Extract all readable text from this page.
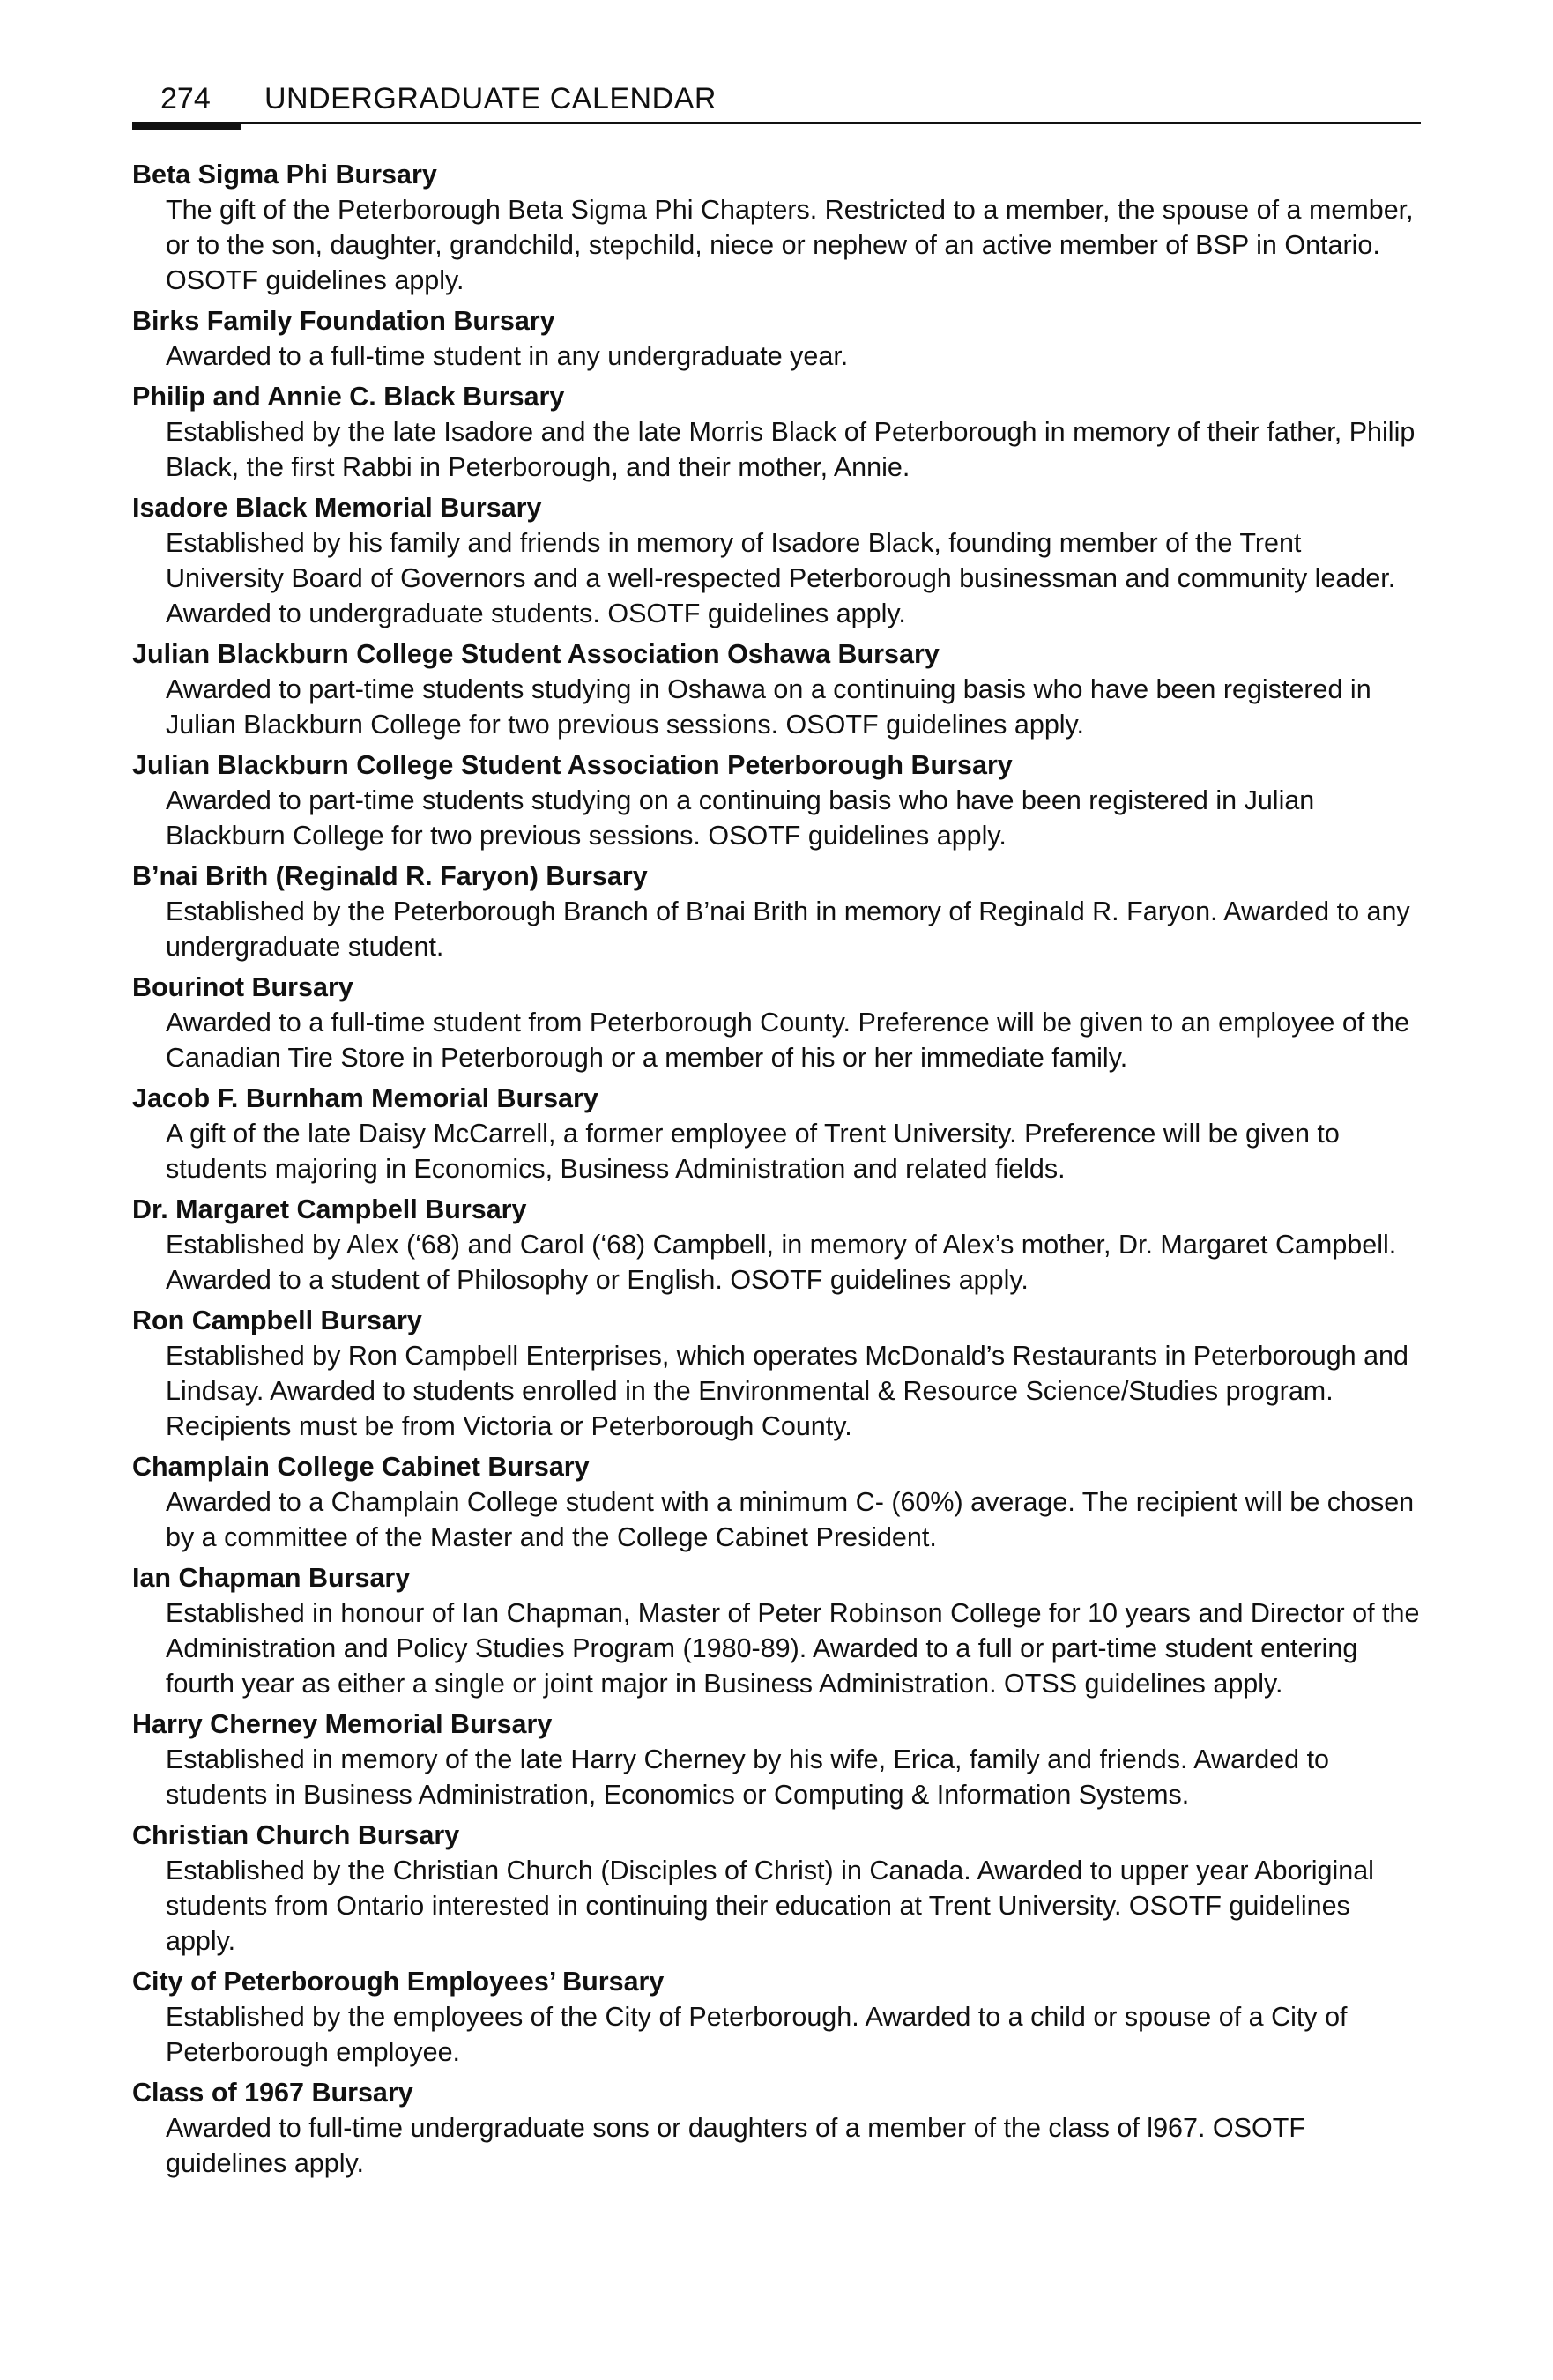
274 UNDERGRADUATE CALENDAR
Beta Sigma Phi Bursary
The gift of the Peterborough Beta Sigma Phi Chapters. Restricted to a member, the spouse of a member, or to the son, daughter, grandchild, stepchild, niece or nephew of an active member of BSP in Ontario. OSOTF guidelines apply.
Birks Family Foundation Bursary
Awarded to a full-time student in any undergraduate year.
Philip and Annie C. Black Bursary
Established by the late Isadore and the late Morris Black of Peterborough in memory of their father, Philip Black, the first Rabbi in Peterborough, and their mother, Annie.
Isadore Black Memorial Bursary
Established by his family and friends in memory of Isadore Black, founding member of the Trent University Board of Governors and a well-respected Peterborough businessman and community leader. Awarded to undergraduate students. OSOTF guidelines apply.
Julian Blackburn College Student Association Oshawa Bursary
Awarded to part-time students studying in Oshawa on a continuing basis who have been registered in Julian Blackburn College for two previous sessions. OSOTF guidelines apply.
Julian Blackburn College Student Association Peterborough Bursary
Awarded to part-time students studying on a continuing basis who have been registered in Julian Blackburn College for two previous sessions. OSOTF guidelines apply.
B’nai Brith (Reginald R. Faryon) Bursary
Established by the Peterborough Branch of B’nai Brith in memory of Reginald R. Faryon. Awarded to any undergraduate student.
Bourinot Bursary
Awarded to a full-time student from Peterborough County. Preference will be given to an employee of the Canadian Tire Store in Peterborough or a member of his or her immediate family.
Jacob F. Burnham Memorial Bursary
A gift of the late Daisy McCarrell, a former employee of Trent University. Preference will be given to students majoring in Economics, Business Administration and related fields.
Dr. Margaret Campbell Bursary
Established by Alex (‘68) and Carol (‘68) Campbell, in memory of Alex’s mother, Dr. Margaret Campbell. Awarded to a student of Philosophy or English. OSOTF guidelines apply.
Ron Campbell Bursary
Established by Ron Campbell Enterprises, which operates McDonald’s Restaurants in Peterborough and Lindsay. Awarded to students enrolled in the Environmental & Resource Science/Studies program. Recipients must be from Victoria or Peterborough County.
Champlain College Cabinet Bursary
Awarded to a Champlain College student with a minimum C- (60%) average. The recipient will be chosen by a committee of the Master and the College Cabinet President.
Ian Chapman Bursary
Established in honour of Ian Chapman, Master of Peter Robinson College for 10 years and Director of the Administration and Policy Studies Program (1980-89). Awarded to a full or part-time student entering fourth year as either a single or joint major in Business Administration. OTSS guidelines apply.
Harry Cherney Memorial Bursary
Established in memory of the late Harry Cherney by his wife, Erica, family and friends. Awarded to students in Business Administration, Economics or Computing & Information Systems.
Christian Church Bursary
Established by the Christian Church (Disciples of Christ) in Canada. Awarded to upper year Aboriginal students from Ontario interested in continuing their education at Trent University. OSOTF guidelines apply.
City of Peterborough Employees’ Bursary
Established by the employees of the City of Peterborough. Awarded to a child or spouse of a City of Peterborough employee.
Class of 1967 Bursary
Awarded to full-time undergraduate sons or daughters of a member of the class of l967. OSOTF guidelines apply.
